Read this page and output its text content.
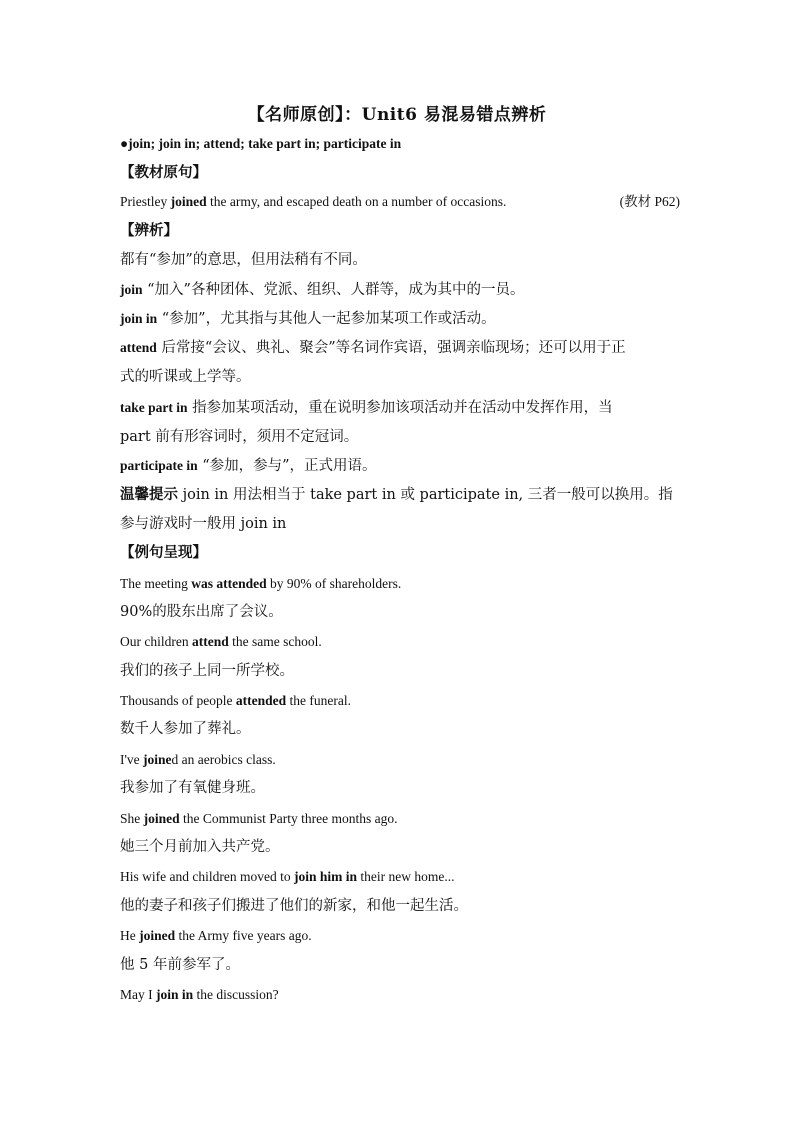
【名师原创】：Unit6 易混易错点辨析
●join; join in; attend; take part in; participate in
【教材原句】
Priestley joined the army, and escaped death on a number of occasions.	(教材 P62)
【辨析】
都有“参加”的意思，但用法稍有不同。
join “加入”各种团体、党派、组织、人群等，成为其中的一员。
join in “参加”，尤其指与其他人一起参加某项工作或活动。
attend 后常接“会议、典礼、聚会”等名词作宾语，强调亲临现场；还可以用于正
式的听课或上学等。
take part in 指参加某项活动，重在说明参加该项活动并在活动中发挥作用，当
part 前有形容词时，须用不定冠词。
participate in “参加，参与”，正式用语。
温馨提示 join in 用法相当于 take part in 或 participate in, 三者一般可以换用。指
参与游戏时一般用 join in
【例句呈现】
The meeting was attended by 90% of shareholders.
90%的股东出席了会议。
Our children attend the same school.
我们的孩子上同一所学校。
Thousands of people attended the funeral.
数千人参加了葬礼。
I've joined an aerobics class.
我参加了有氧健身班。
She joined the Communist Party three months ago.
她三个月前加入共产党。
His wife and children moved to join him in their new home...
他的妻子和孩子们搬进了他们的新家，和他一起生活。
He joined the Army five years ago.
他 5 年前参军了。
May I join in the discussion?
